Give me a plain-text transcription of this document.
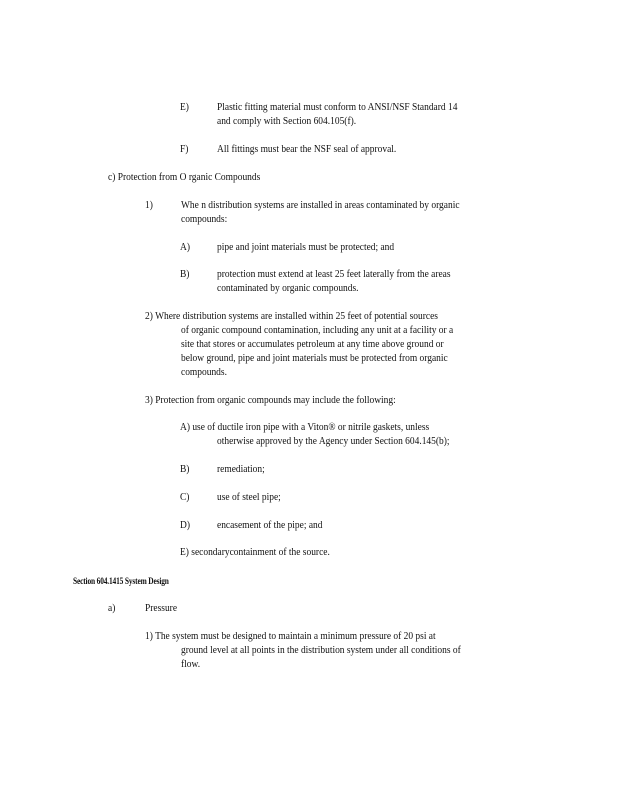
E)	Plastic fitting material must conform to ANSI/NSF Standard 14
and comply with Section 604.105(f).
F)	All fittings must bear the NSF seal of approval.
c) Protection from O rganic Compounds
1)	Whe n distribution systems are installed in areas contaminated by organic
compounds:
A)	pipe and joint materials must be protected; and
B)	protection must extend at least 25 feet laterally from the areas
contaminated by organic compounds.
2) Where distribution systems are installed within 25 feet of potential sources
of organic compound contamination, including any unit at a facility or a
site that stores or accumulates petroleum at any time above ground or
below ground, pipe and joint materials must be protected from organic
compounds.
3) Protection from organic compounds may include the following:
A) use of ductile iron pipe with a Viton® or nitrile gaskets, unless
otherwise approved by the Agency under Section 604.145(b);
B)	remediation;
C)	use of steel pipe;
D)	encasement of the pipe; and
E) secondarycontainment of the source.
Section 604.1415 System Design
a)	Pressure
1) The system must be designed to maintain a minimum pressure of 20 psi at
ground level at all points in the distribution system under all conditions of
flow.
